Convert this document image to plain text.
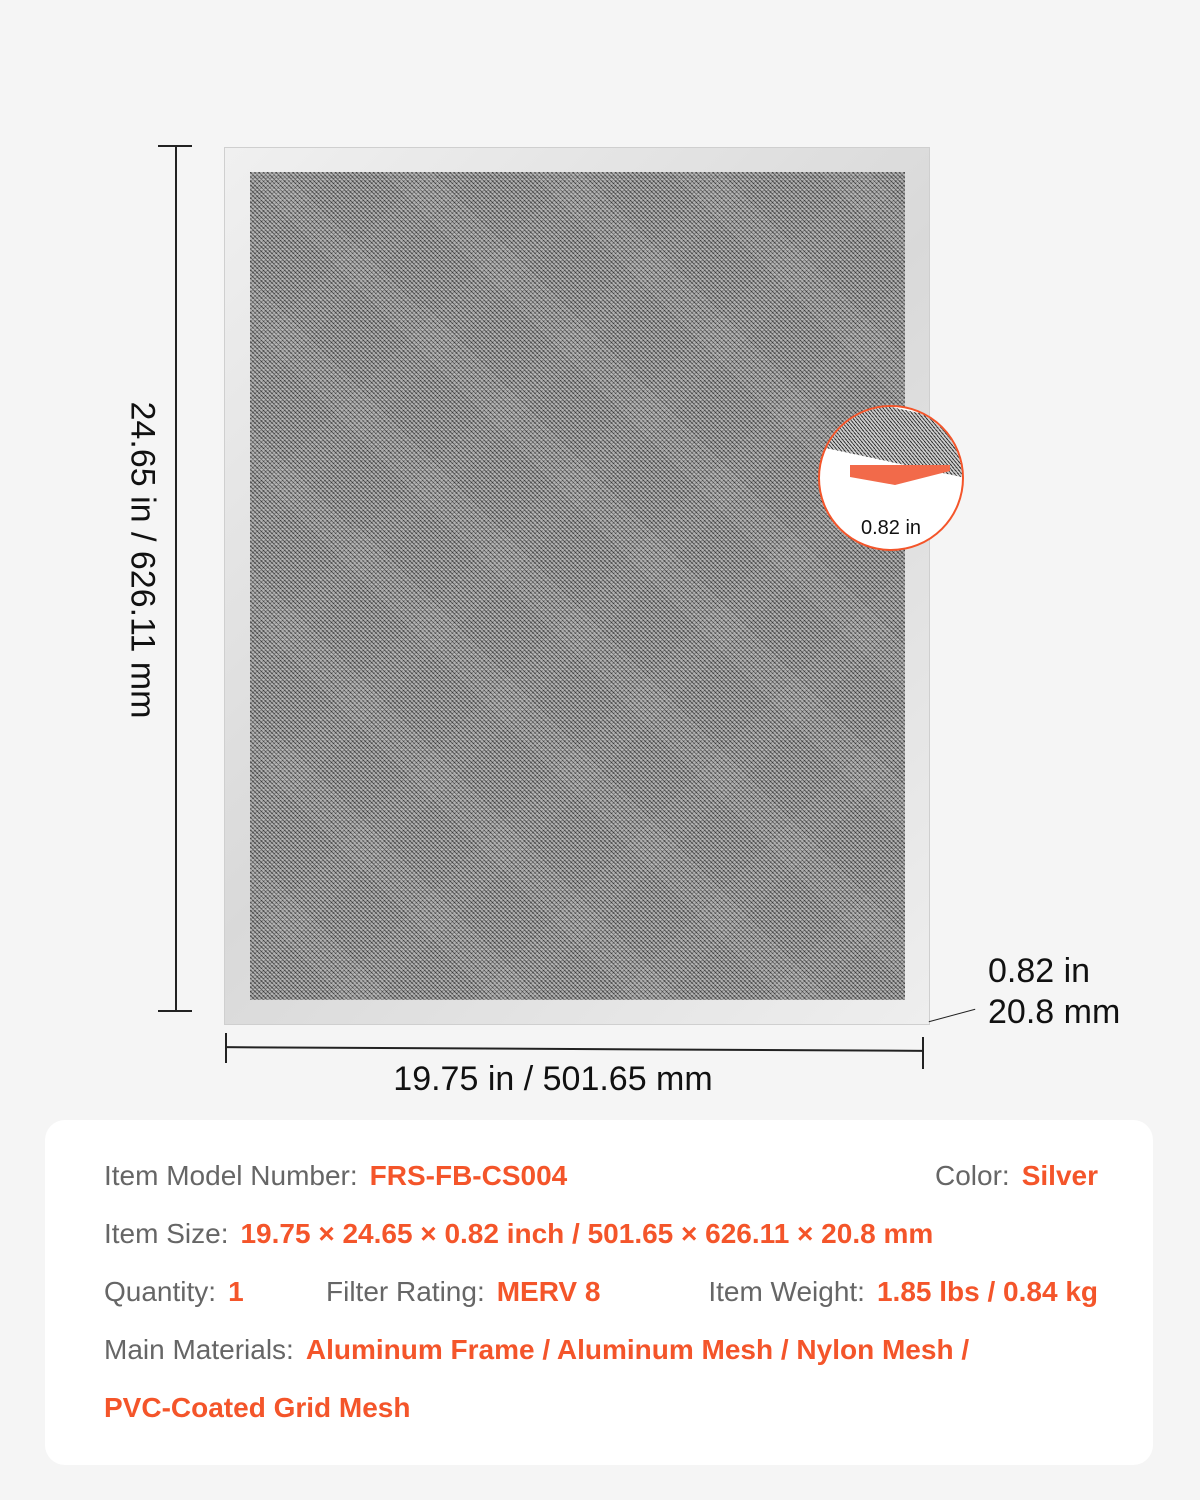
24.65 in / 626.11 mm
19.75 in / 501.65 mm
0.82 in
20.8 mm
0.82 in
Item Model Number: FRS-FB-CS004	Color: Silver
Item Size: 19.75 × 24.65 × 0.82 inch / 501.65 × 626.11 × 20.8 mm
Quantity: 1	Filter Rating: MERV 8	Item Weight: 1.85 lbs / 0.84 kg
Main Materials: Aluminum Frame / Aluminum Mesh / Nylon Mesh /
PVC-Coated Grid Mesh
